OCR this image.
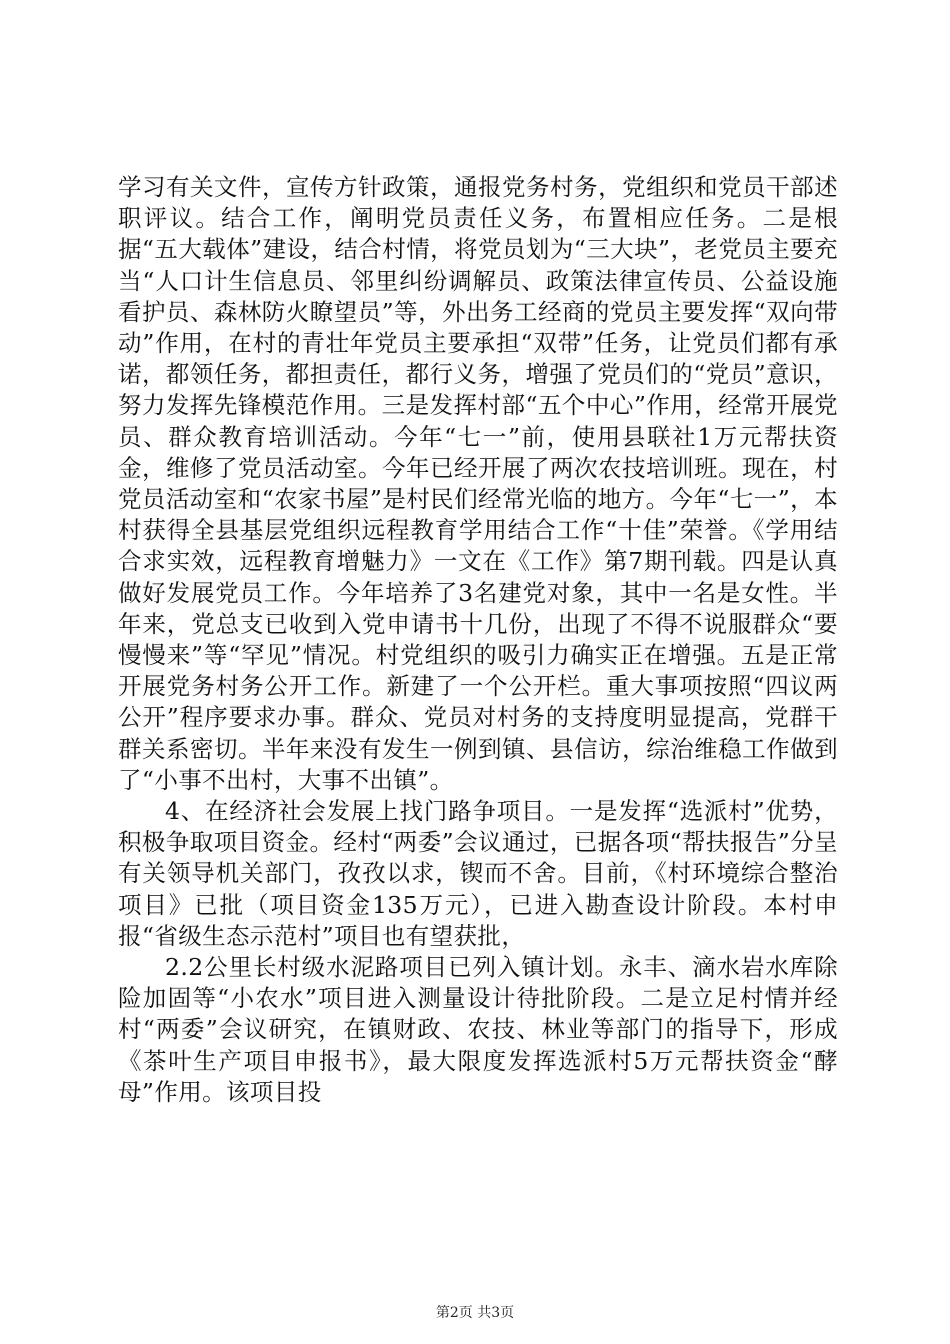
学习有关文件，宣传方针政策，通报党务村务，党组织和党员干部述职评议。结合工作，阐明党员责任义务，布置相应任务。二是根据“五大载体”建设，结合村情，将党员划为“三大块”，老党员主要充当“人口计生信息员、邻里纠纷调解员、政策法律宣传员、公益设施看护员、森林防火瞭望员”等，外出务工经商的党员主要发挥“双向带动”作用，在村的青壮年党员主要承担“双带”任务，让党员们都有承诺，都领任务，都担责任，都行义务，增强了党员们的“党员”意识，努力发挥先锋模范作用。三是发挥村部“五个中心”作用，经常开展党员、群众教育培训活动。今年“七一”前，使用县联社1万元帮扶资金，维修了党员活动室。今年已经开展了两次农技培训班。现在，村党员活动室和“农家书屋”是村民们经常光临的地方。今年“七一”，本村获得全县基层党组织远程教育学用结合工作“十佳”荣誉。《学用结合求实效，远程教育增魅力》一文在《工作》第7期刊载。四是认真做好发展党员工作。今年培养了3名建党对象，其中一名是女性。半年来，党总支已收到入党申请书十几份，出现了不得不说服群众“要慢慢来”等“罕见”情况。村党组织的吸引力确实正在增强。五是正常开展党务村务公开工作。新建了一个公开栏。重大事项按照“四议两公开”程序要求办事。群众、党员对村务的支持度明显提高，党群干群关系密切。半年来没有发生一例到镇、县信访，综治维稳工作做到了“小事不出村，大事不出镇”。

4、在经济社会发展上找门路争项目。一是发挥“选派村”优势，积极争取项目资金。经村“两委”会议通过，已据各项“帮扶报告”分呈有关领导机关部门，孜孜以求，锲而不舍。目前，《村环境综合整治项目》已批（项目资金135万元），已进入勘查设计阶段。本村申报“省级生态示范村”项目也有望获批，

2.2公里长村级水泥路项目已列入镇计划。永丰、滴水岩水库除险加固等“小农水”项目进入测量设计待批阶段。二是立足村情并经村“两委”会议研究，在镇财政、农技、林业等部门的指导下，形成《茶叶生产项目申报书》，最大限度发挥选派村5万元帮扶资金“酵母”作用。该项目投

第2页 共3页
